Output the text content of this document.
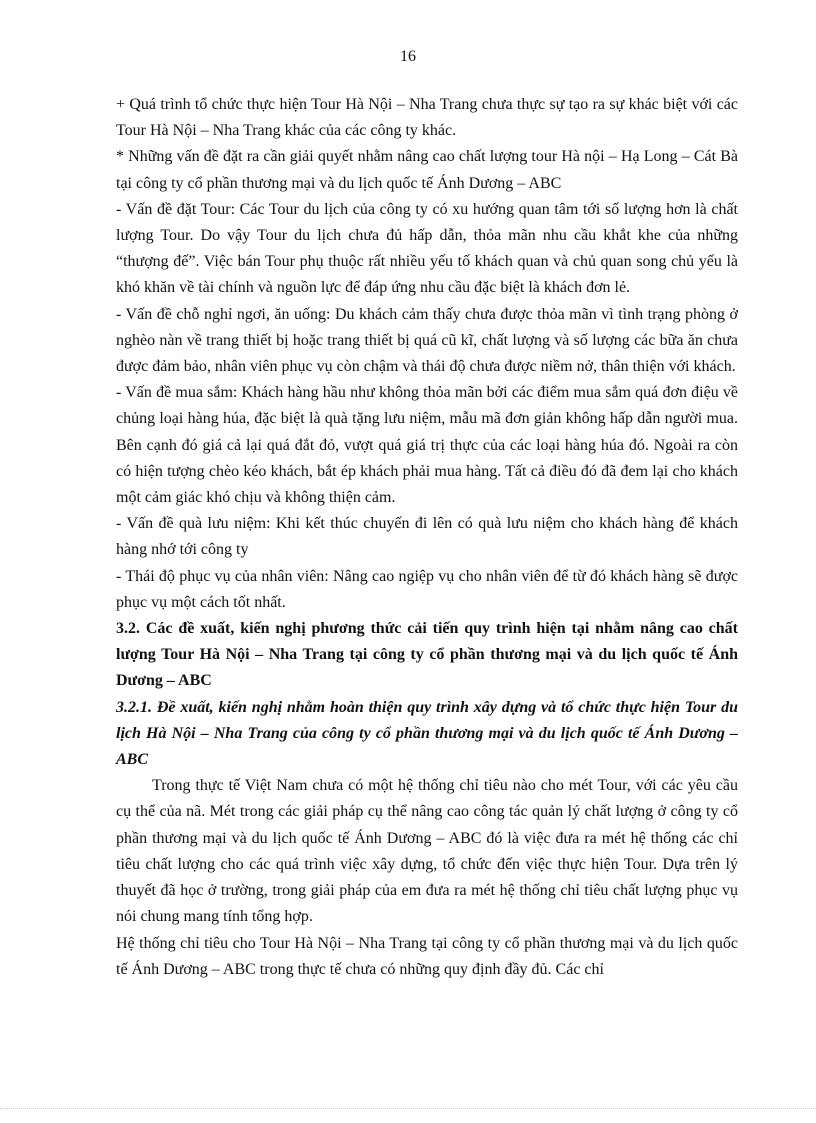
16

+ Quá trình tổ chức thực hiện Tour Hà Nội – Nha Trang chưa thực sự tạo ra sự khác biệt với các Tour Hà Nội – Nha Trang khác của các công ty khác.

* Những vấn đề đặt ra cần giải quyết nhằm nâng cao chất lượng tour Hà nội – Hạ Long – Cát Bà tại công ty cổ phần thương mại và du lịch quốc tế Ánh Dương – ABC

- Vấn đề đặt Tour: Các Tour du lịch của công ty có xu hướng quan tâm tới số lượng hơn là chất lượng Tour. Do vậy Tour du lịch chưa đủ hấp dẫn, thỏa mãn nhu cầu khắt khe của những “thượng đế”. Việc bán Tour phụ thuộc rất nhiều yếu tố khách quan và chủ quan song chủ yếu là khó khăn về tài chính và nguồn lực để đáp ứng nhu cầu đặc biệt là khách đơn lẻ.

- Vấn đề chỗ nghỉ ngơi, ăn uống: Du khách cảm thấy chưa được thỏa mãn vì tình trạng phòng ở nghèo nàn về trang thiết bị hoặc trang thiết bị quá cũ kĩ, chất lượng và số lượng các bữa ăn chưa được đảm bảo, nhân viên phục vụ còn chậm và thái độ chưa được niềm nở, thân thiện với khách.

- Vấn đề mua sắm: Khách hàng hầu như không thỏa mãn bởi các điểm mua sắm quá đơn điệu về chủng loại hàng húa, đặc biệt là quà tặng lưu niệm, mẫu mã đơn giản không hấp dẫn người mua. Bên cạnh đó giá cả lại quá đắt đỏ, vượt quá giá trị thực của các loại hàng húa đó. Ngoài ra còn có hiện tượng chèo kéo khách, bắt ép khách phải mua hàng. Tất cả điều đó đã đem lại cho khách một cảm giác khó chịu và không thiện cảm.

- Vấn đề quà lưu niệm: Khi kết thúc chuyến đi lên có quà lưu niệm cho khách hàng để khách hàng nhớ tới công ty

- Thái độ phục vụ của nhân viên: Nâng cao ngiệp vụ cho nhân viên để từ đó khách hàng sẽ được phục vụ một cách tốt nhất.

3.2. Các đề xuất, kiến nghị phương thức cải tiến quy trình hiện tại nhằm nâng cao chất lượng Tour Hà Nội – Nha Trang tại công ty cổ phần thương mại và du lịch quốc tế Ánh Dương – ABC
3.2.1. Đề xuất, kiến nghị nhằm hoàn thiện quy trình xây dựng và tổ chức thực hiện Tour du lịch Hà Nội – Nha Trang của công ty cổ phần thương mại và du lịch quốc tế Ánh Dương – ABC

Trong thực tế Việt Nam chưa có một hệ thống chỉ tiêu nào cho mét Tour, với các yêu cầu cụ thể của nã. Mét trong các giải pháp cụ thể nâng cao công tác quản lý chất lượng ở công ty cổ phần thương mại và du lịch quốc tế Ánh Dương – ABC đó là việc đưa ra mét hệ thống các chỉ tiêu chất lượng cho các quá trình việc xây dựng, tổ chức đến việc thực hiện Tour. Dựa trên lý thuyết đã học ở trường, trong giải pháp của em đưa ra mét hệ thống chỉ tiêu chất lượng phục vụ nói chung mang tính tổng hợp.

Hệ thống chỉ tiêu cho Tour Hà Nội – Nha Trang tại công ty cổ phần thương mại và du lịch quốc tế Ánh Dương – ABC trong thực tế chưa có những quy định đầy đủ. Các chỉ
